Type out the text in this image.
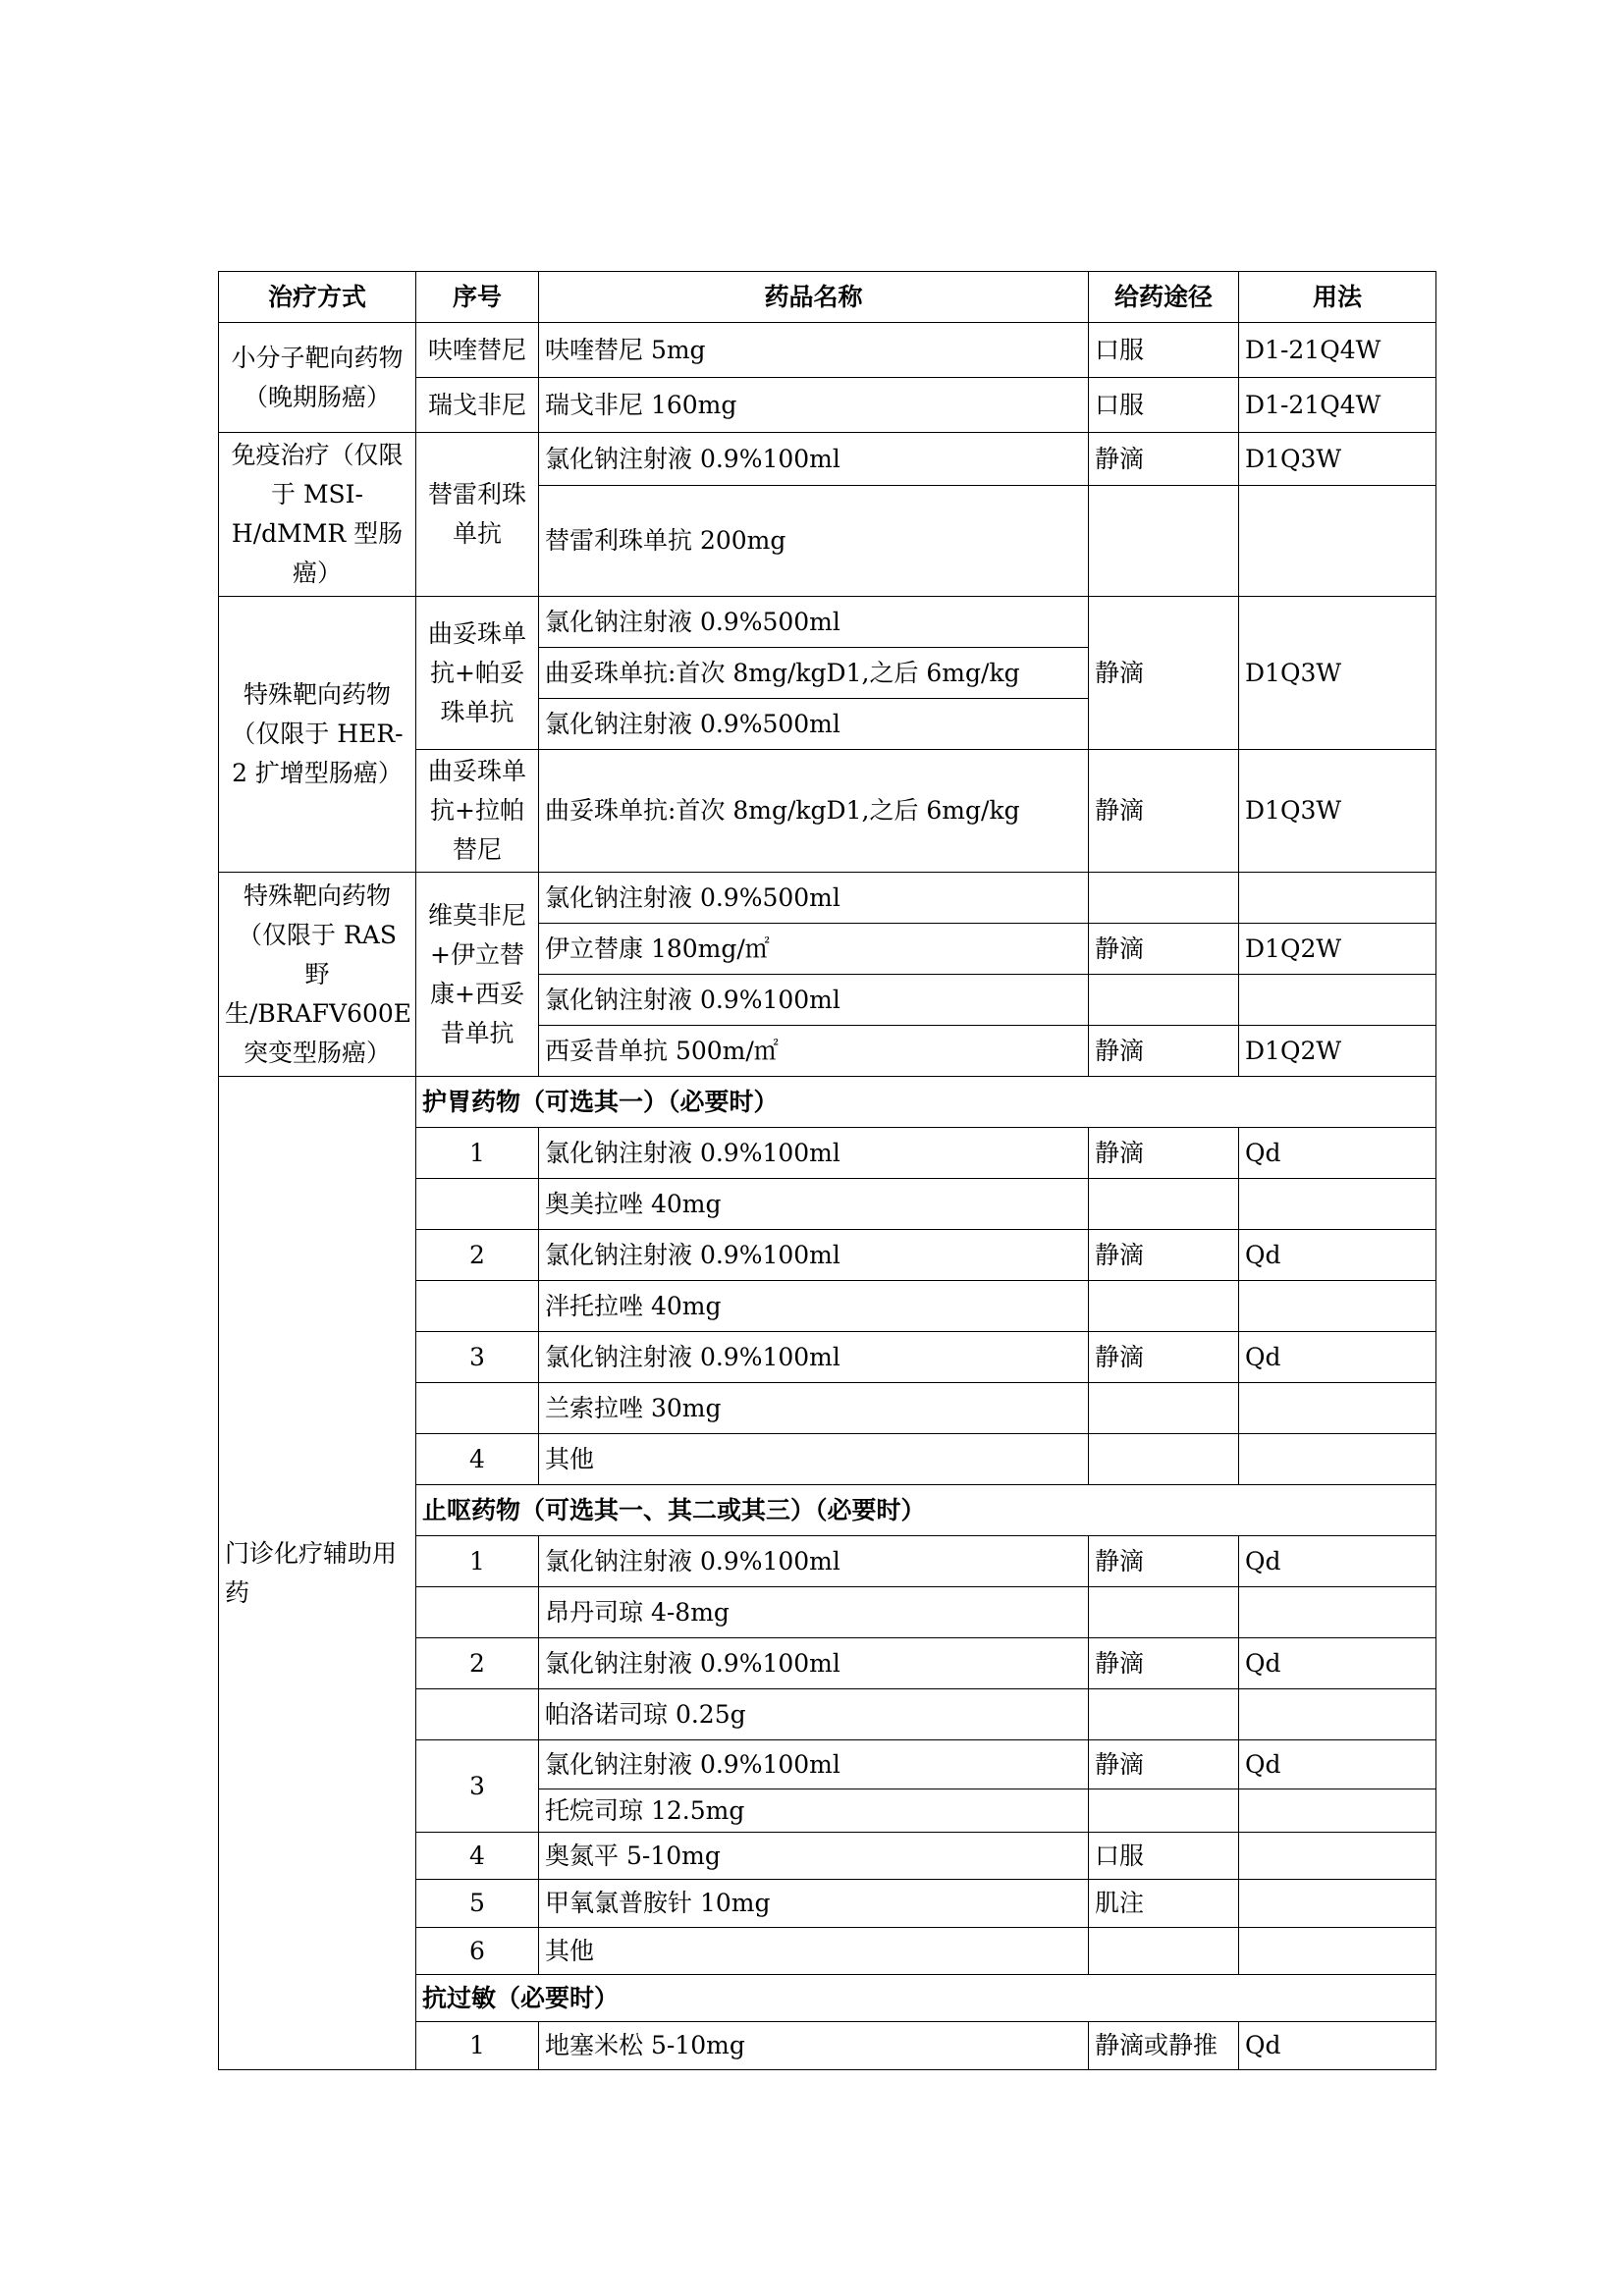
治疗方式	序号	药品名称	给药途径	用法
小分子靶向药物（晚期肠癌）	呋喹替尼	呋喹替尼 5mg	口服	D1-21Q4W
	瑞戈非尼	瑞戈非尼 160mg	口服	D1-21Q4W
免疫治疗（仅限于 MSI-H/dMMR 型肠癌）	替雷利珠单抗	氯化钠注射液 0.9%100ml	静滴	D1Q3W
		替雷利珠单抗 200mg		
特殊靶向药物（仅限于 HER-2 扩增型肠癌）	曲妥珠单抗+帕妥珠单抗	氯化钠注射液 0.9%500ml	静滴	D1Q3W
		曲妥珠单抗:首次 8mg/kgD1,之后 6mg/kg		
		氯化钠注射液 0.9%500ml		
	曲妥珠单抗+拉帕替尼	曲妥珠单抗:首次 8mg/kgD1,之后 6mg/kg	静滴	D1Q3W
特殊靶向药物（仅限于 RAS 野生/BRAFV600E 突变型肠癌）	维莫非尼+伊立替康+西妥昔单抗	氯化钠注射液 0.9%500ml		
		伊立替康 180mg/㎡	静滴	D1Q2W
		氯化钠注射液 0.9%100ml		
		西妥昔单抗 500m/㎡	静滴	D1Q2W
门诊化疗辅助用药	护胃药物（可选其一）（必要时）			
	1	氯化钠注射液 0.9%100ml	静滴	Qd
		奥美拉唑 40mg		
	2	氯化钠注射液 0.9%100ml	静滴	Qd
		泮托拉唑 40mg		
	3	氯化钠注射液 0.9%100ml	静滴	Qd
		兰索拉唑 30mg		
	4	其他		
	止呕药物（可选其一、其二或其三）（必要时）			
	1	氯化钠注射液 0.9%100ml	静滴	Qd
		昂丹司琼 4-8mg		
	2	氯化钠注射液 0.9%100ml	静滴	Qd
		帕洛诺司琼 0.25g		
	3	氯化钠注射液 0.9%100ml	静滴	Qd
		托烷司琼 12.5mg		
	4	奥氮平 5-10mg	口服	
	5	甲氧氯普胺针 10mg	肌注	
	6	其他		
	抗过敏（必要时）			
	1	地塞米松 5-10mg	静滴或静推	Qd
